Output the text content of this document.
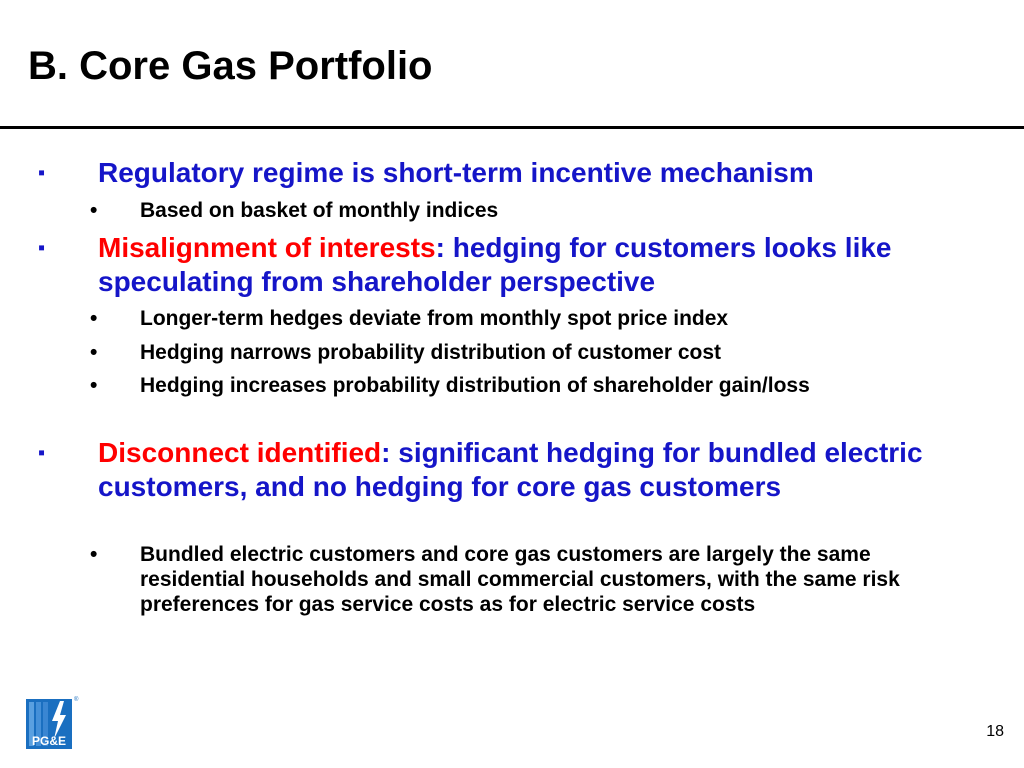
B. Core Gas Portfolio
▪	Regulatory regime is short-term incentive mechanism
•	Based on basket of monthly indices
▪	Misalignment of interests: hedging for customers looks like speculating from shareholder perspective
•	Longer-term hedges deviate from monthly spot price index
•	Hedging narrows probability distribution of customer cost
•	Hedging increases probability distribution of shareholder gain/loss
▪	Disconnect identified: significant hedging for bundled electric customers, and no hedging for core gas customers
•	Bundled electric customers and core gas customers are largely the same residential households and small commercial customers, with the same risk preferences for gas service costs as for electric service costs
PG&E
®
18
